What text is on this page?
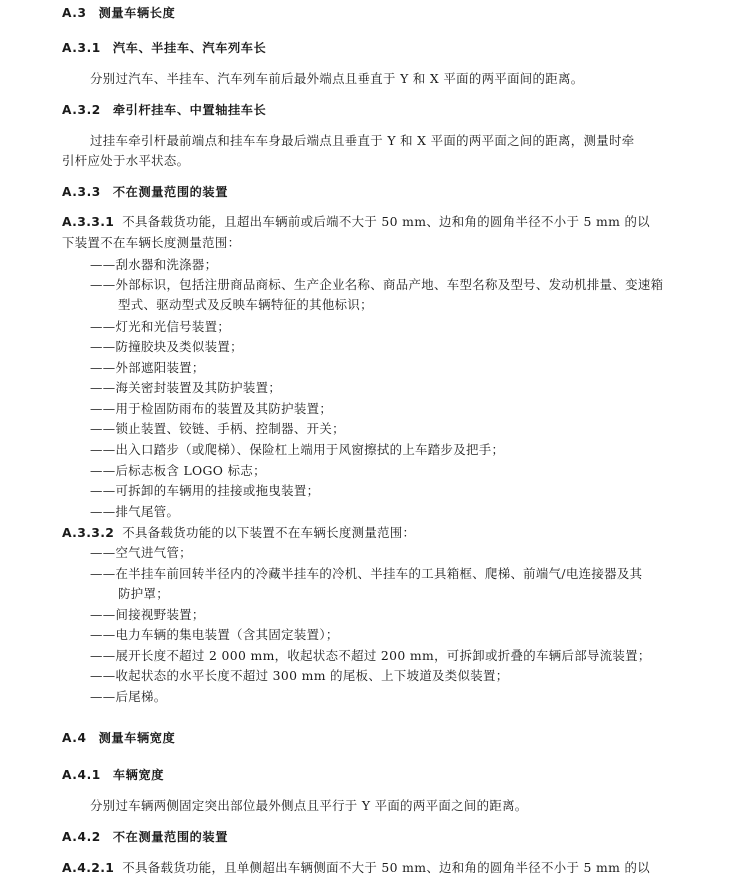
A.3 测量车辆长度
A.3.1 汽车、半挂车、汽车列车长
分别过汽车、半挂车、汽车列车前后最外端点且垂直于 Y 和 X 平面的两平面间的距离。
A.3.2 牵引杆挂车、中置轴挂车长
过挂车牵引杆最前端点和挂车车身最后端点且垂直于 Y 和 X 平面的两平面之间的距离，测量时牵
引杆应处于水平状态。
A.3.3 不在测量范围的装置
A.3.3.1 不具备载货功能，且超出车辆前或后端不大于 50 mm、边和角的圆角半径不小于 5 mm 的以
下装置不在车辆长度测量范围：
——刮水器和洗涤器；
——外部标识，包括注册商品商标、生产企业名称、商品产地、车型名称及型号、发动机排量、变速箱
型式、驱动型式及反映车辆特征的其他标识；
——灯光和光信号装置；
——防撞胶块及类似装置；
——外部遮阳装置；
——海关密封装置及其防护装置；
——用于检固防雨布的装置及其防护装置；
——锁止装置、铰链、手柄、控制器、开关；
——出入口踏步（或爬梯）、保险杠上端用于风窗擦拭的上车踏步及把手；
——后标志板含 LOGO 标志；
——可拆卸的车辆用的挂接或拖曳装置；
——排气尾管。
A.3.3.2 不具备载货功能的以下装置不在车辆长度测量范围：
——空气进气管；
——在半挂车前回转半径内的冷藏半挂车的冷机、半挂车的工具箱框、爬梯、前端气/电连接器及其
防护罩；
——间接视野装置；
——电力车辆的集电装置（含其固定装置）；
——展开长度不超过 2 000 mm，收起状态不超过 200 mm，可拆卸或折叠的车辆后部导流装置；
——收起状态的水平长度不超过 300 mm 的尾板、上下坡道及类似装置；
——后尾梯。
A.4 测量车辆宽度
A.4.1 车辆宽度
分别过车辆两侧固定突出部位最外侧点且平行于 Y 平面的两平面之间的距离。
A.4.2 不在测量范围的装置
A.4.2.1 不具备载货功能，且单侧超出车辆侧面不大于 50 mm、边和角的圆角半径不小于 5 mm 的以
